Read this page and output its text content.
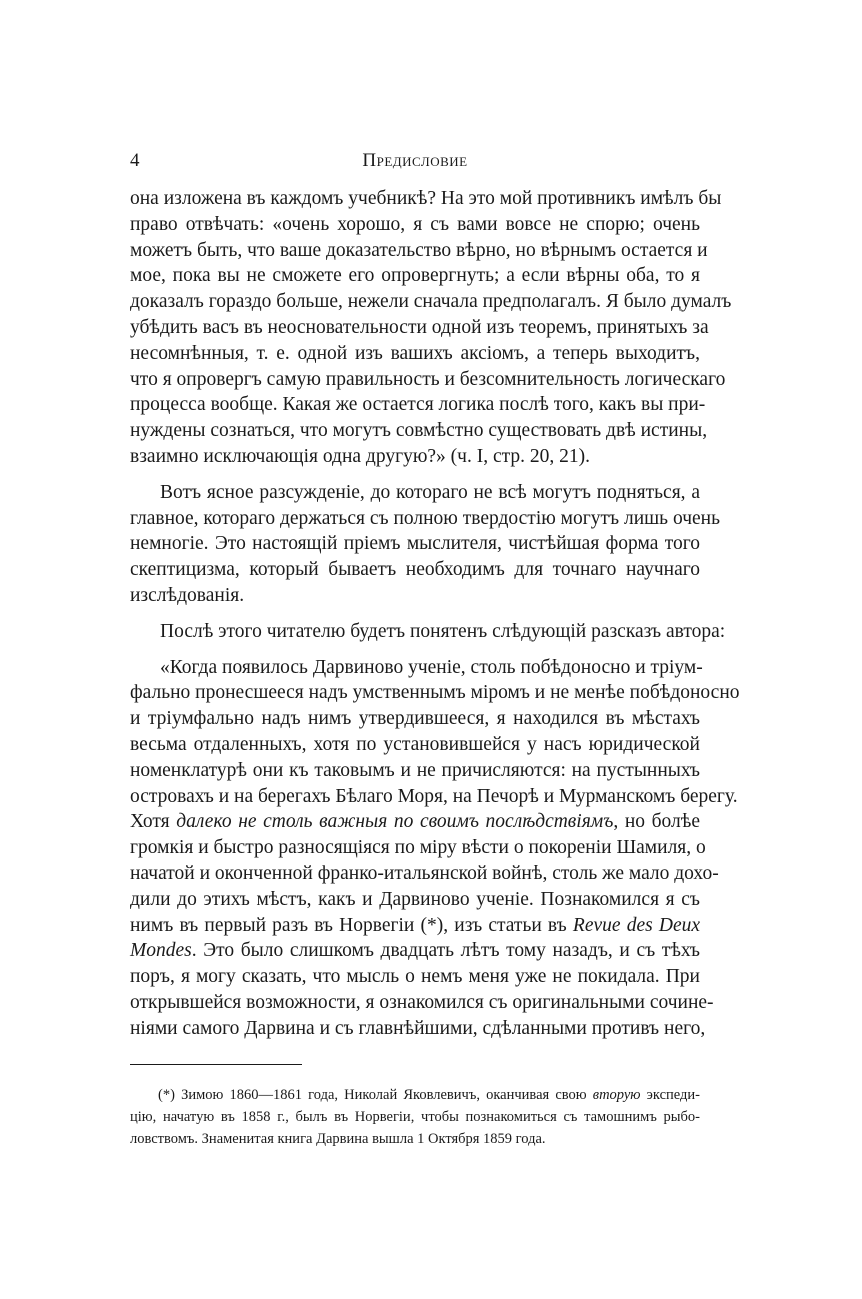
4	Предисловие

она изложена въ каждомъ учебникѣ? На это мой противникъ имѣлъ бы
право отвѣчать: «очень хорошо, я съ вами вовсе не спорю; очень
можетъ быть, что ваше доказательство вѣрно, но вѣрнымъ остается и
мое, пока вы не сможете его опровергнуть; а если вѣрны оба, то я
доказалъ гораздо больше, нежели сначала предполагалъ. Я было думалъ
убѣдить васъ въ неосновательности одной изъ теоремъ, принятыхъ за
несомнѣнныя, т. е. одной изъ вашихъ аксiомъ, а теперь выходитъ,
что я опровергъ самую правильность и безсомнительность логическаго
процесса вообще. Какая же остается логика послѣ того, какъ вы при-
нуждены сознаться, что могутъ совмѣстно существовать двѣ истины,
взаимно исключающiя одна другую?» (ч. I, стр. 20, 21).

Вотъ ясное разсужденiе, до котораго не всѣ могутъ подняться, а
главное, котораго держаться съ полною твердостiю могутъ лишь очень
немногiе. Это настоящiй прiемъ мыслителя, чистѣйшая форма того
скептицизма, который бываетъ необходимъ для точнаго научнаго
изслѣдованiя.

Послѣ этого читателю будетъ понятенъ слѣдующiй разсказъ автора:

«Когда появилось Дарвиново ученiе, столь побѣдоносно и трiум-
фально пронесшееся надъ умственнымъ мiромъ и не менѣе побѣдоносно
и трiумфально надъ нимъ утвердившееся, я находился въ мѣстахъ
весьма отдаленныхъ, хотя по установившейся у насъ юридической
номенклатурѣ они къ таковымъ и не причисляются: на пустынныхъ
островахъ и на берегахъ Бѣлаго Моря, на Печорѣ и Мурманскомъ берегу.
Хотя далеко не столь важныя по своимъ послѣдствiямъ, но болѣе
громкiя и быстро разносящiяся по мiру вѣсти о покоренiи Шамиля, о
начатой и оконченной франко-итальянской войнѣ, столь же мало дохо-
дили до этихъ мѣстъ, какъ и Дарвиново ученiе. Познакомился я съ
нимъ въ первый разъ въ Норвегiи (*), изъ статьи въ Revue des Deux
Mondes. Это было слишкомъ двадцать лѣтъ тому назадъ, и съ тѣхъ
поръ, я могу сказать, что мысль о немъ меня уже не покидала. При
открывшейся возможности, я ознакомился съ оригинальными сочине-
нiями самого Дарвина и съ главнѣйшими, сдѣланными противъ него,

(*) Зимою 1860—1861 года, Николай Яковлевичъ, оканчивая свою вторую экспеди-
цiю, начатую въ 1858 г., былъ въ Норвегiи, чтобы познакомиться съ тамошнимъ рыбо-
ловствомъ. Знаменитая книга Дарвина вышла 1 Октября 1859 года.
